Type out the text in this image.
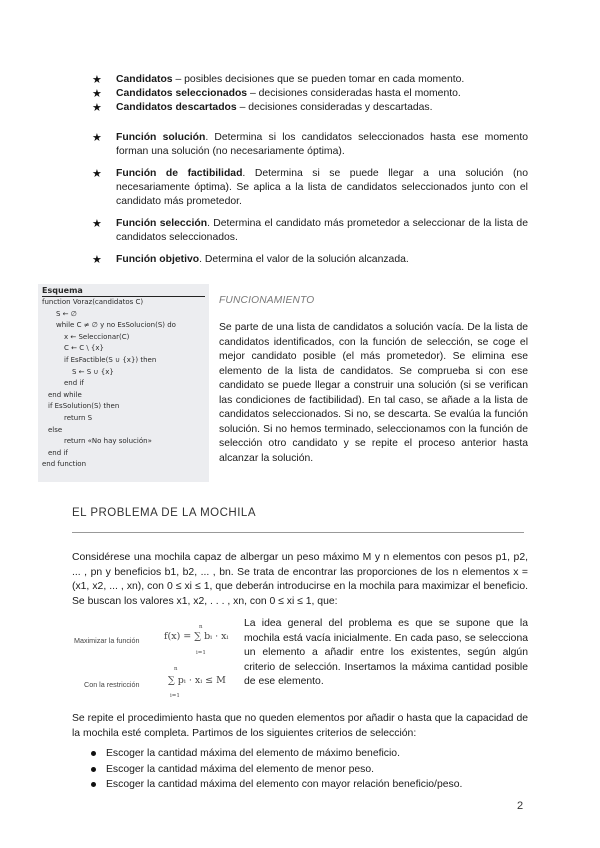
★ Candidatos – posibles decisiones que se pueden tomar en cada momento.
★ Candidatos seleccionados – decisiones consideradas hasta el momento.
★ Candidatos descartados – decisiones consideradas y descartadas.
★ Función solución. Determina si los candidatos seleccionados hasta ese momento forman una solución (no necesariamente óptima).
★ Función de factibilidad. Determina si se puede llegar a una solución (no necesariamente óptima). Se aplica a la lista de candidatos seleccionados junto con el candidato más prometedor.
★ Función selección. Determina el candidato más prometedor a seleccionar de la lista de candidatos seleccionados.
★ Función objetivo. Determina el valor de la solución alcanzada.
Esquema
function Voraz(candidatos C)
S ← ∅
while C ≠ ∅ y no EsSolucion(S) do
x ← Seleccionar(C)
C ← C \ {x}
if EsFactible(S ∪ {x}) then
S ← S ∪ {x}
end if
end while
if EsSolution(S) then
return S
else
return «No hay solución»
end if
end function
FUNCIONAMIENTO
Se parte de una lista de candidatos a solución vacía. De la lista de candidatos identificados, con la función de selección, se coge el mejor candidato posible (el más prometedor). Se elimina ese elemento de la lista de candidatos. Se comprueba si con ese candidato se puede llegar a construir una solución (si se verifican las condiciones de factibilidad). En tal caso, se añade a la lista de candidatos seleccionados. Si no, se descarta. Se evalúa la función solución. Si no hemos terminado, seleccionamos con la función de selección otro candidato y se repite el proceso anterior hasta alcanzar la solución.
EL PROBLEMA DE LA MOCHILA
Considérese una mochila capaz de albergar un peso máximo M y n elementos con pesos p1, p2, ... , pn y beneficios b1, b2, ... , bn. Se trata de encontrar las proporciones de los n elementos x = (x1, x2, ... , xn), con 0 ≤ xi ≤ 1, que deberán introducirse en la mochila para maximizar el beneficio. Se buscan los valores x1, x2, . . . , xn, con 0 ≤ xi ≤ 1, que:
Maximizar la función
n
f(x) = ∑ bᵢ · xᵢ
i=1
Con la restricción
n
∑ pᵢ · xᵢ ≤ M
i=1
La idea general del problema es que se supone que la mochila está vacía inicialmente. En cada paso, se selecciona un elemento a añadir entre los existentes, según algún criterio de selección. Insertamos la máxima cantidad posible de ese elemento.
Se repite el procedimiento hasta que no queden elementos por añadir o hasta que la capacidad de la mochila esté completa. Partimos de los siguientes criterios de selección:
Escoger la cantidad máxima del elemento de máximo beneficio.
Escoger la cantidad máxima del elemento de menor peso.
Escoger la cantidad máxima del elemento con mayor relación beneficio/peso.
2
